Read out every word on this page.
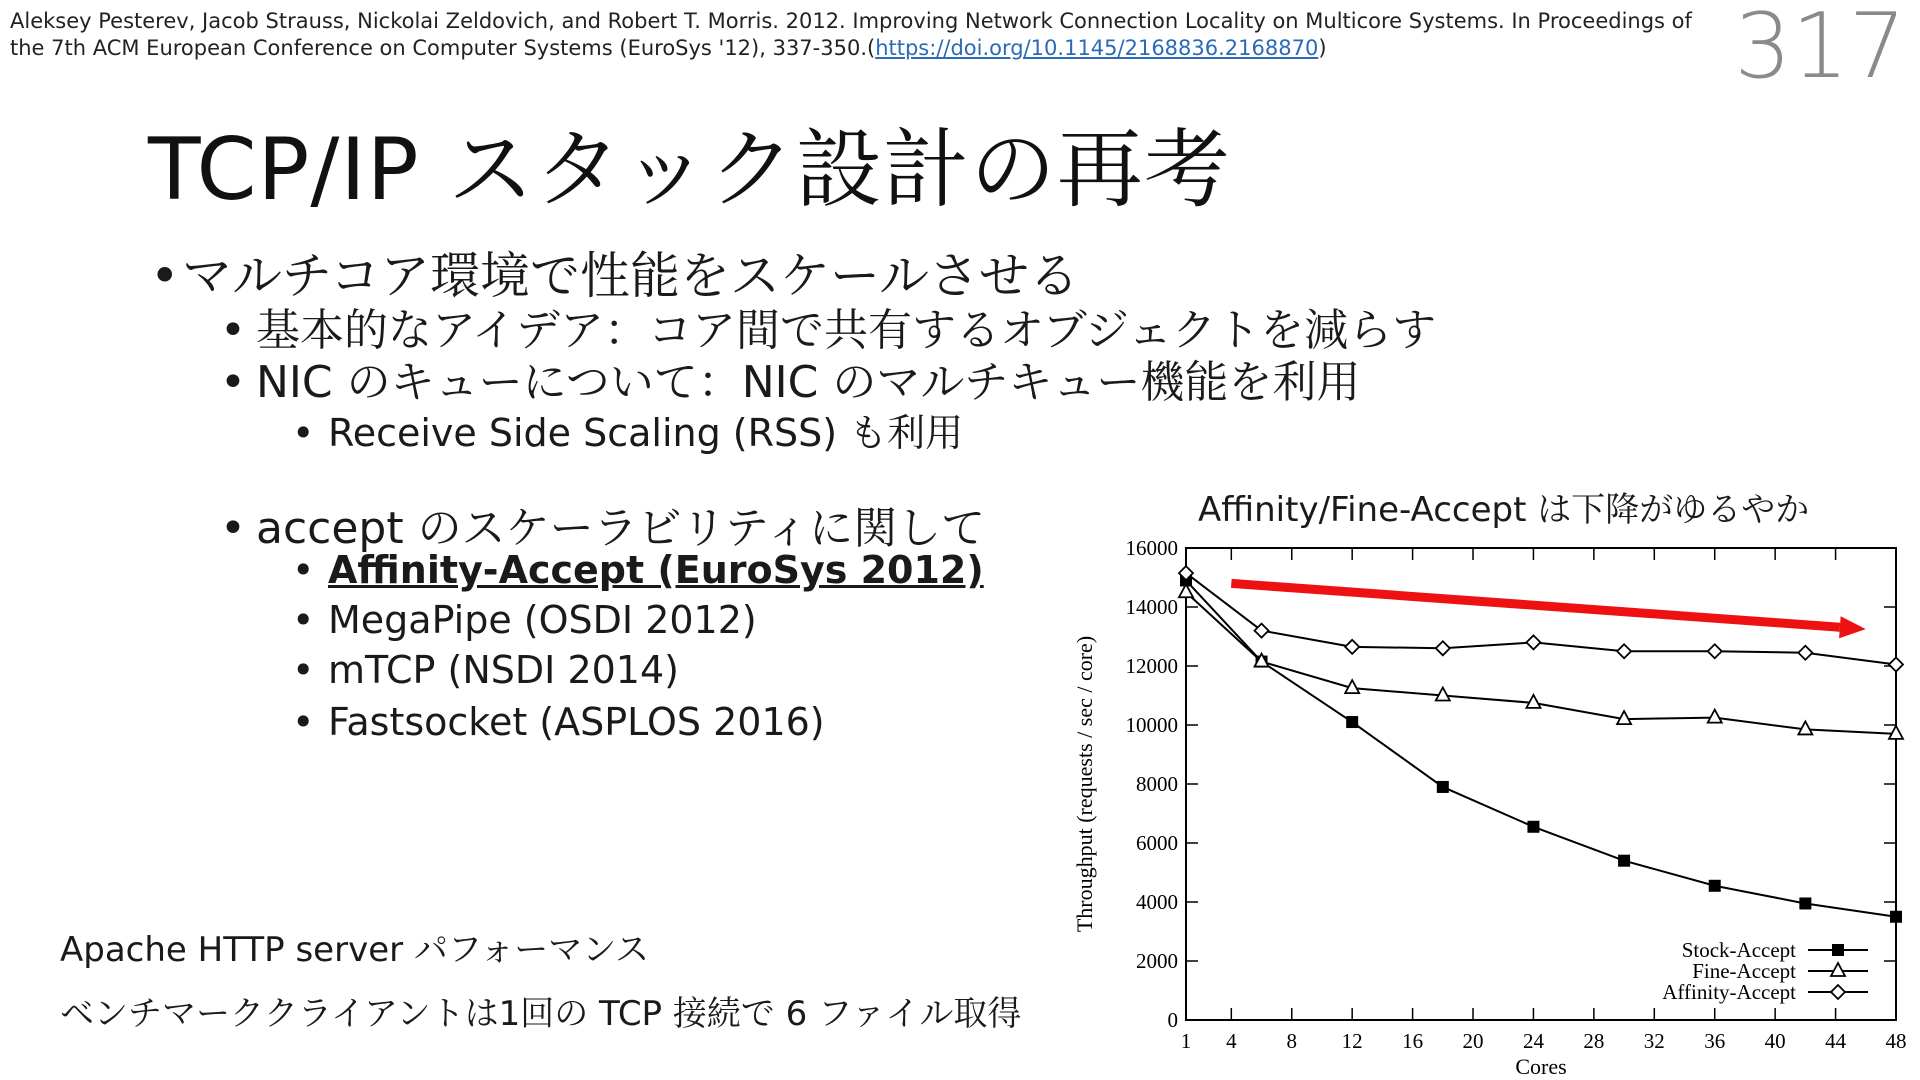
Aleksey Pesterev, Jacob Strauss, Nickolai Zeldovich, and Robert T. Morris. 2012. Improving Network Connection Locality on Multicore Systems. In Proceedings of the 7th ACM European Conference on Computer Systems (EuroSys '12), 337-350.(https://doi.org/10.1145/2168836.2168870)	317
TCP/IP スタック設計の再考
•マルチコア環境で性能をスケールさせる
• 基本的なアイデア：コア間で共有するオブジェクトを減らす
• NIC のキューについて：NIC のマルチキュー機能を利用
• Receive Side Scaling (RSS) も利用
• accept のスケーラビリティに関して
• Affinity-Accept (EuroSys 2012)
• MegaPipe (OSDI 2012)
• mTCP (NSDI 2014)
• Fastsocket (ASPLOS 2016)
Apache HTTP server パフォーマンス
ベンチマーククライアントは1回の TCP 接続で 6 ファイル取得
Affinity/Fine-Accept は下降がゆるやか
1 4 8 12 16 20 24 28 32 36 40 44 48
0
2000
4000
6000
8000
10000
12000
14000
16000
Stock-Accept
Fine-Accept
Affinity-Accept
Cores
Throughput (requests / sec / core)
